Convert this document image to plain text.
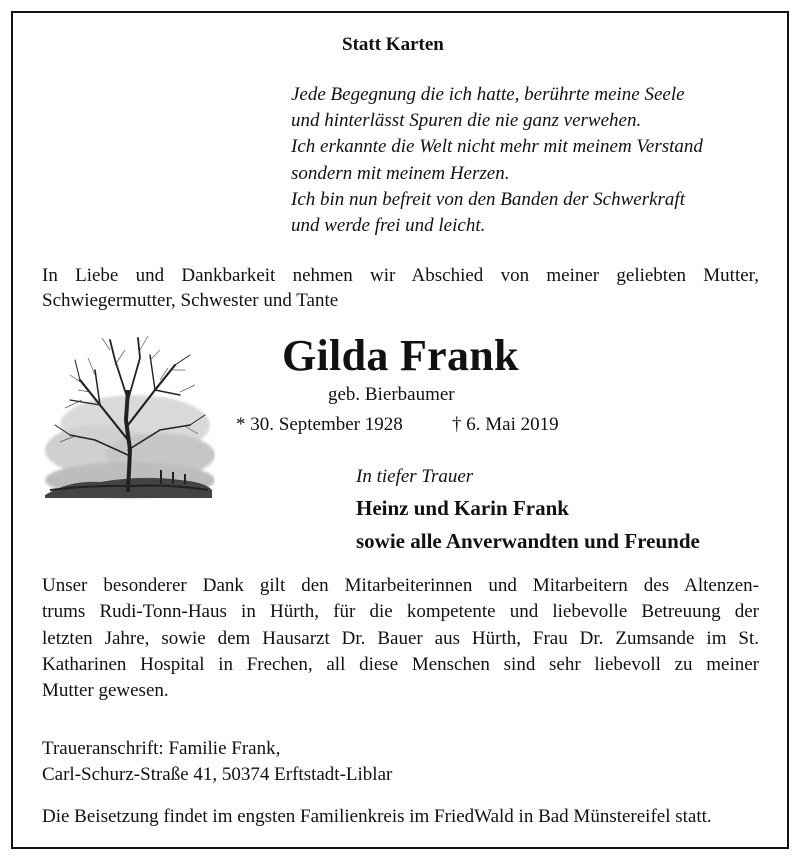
Statt Karten
Jede Begegnung die ich hatte, berührte meine Seele
und hinterlässt Spuren die nie ganz verwehen.
Ich erkannte die Welt nicht mehr mit meinem Verstand
sondern mit meinem Herzen.
Ich bin nun befreit von den Banden der Schwerkraft
und werde frei und leicht.
In Liebe und Dankbarkeit nehmen wir Abschied von meiner geliebten Mutter,
Schwiegermutter, Schwester und Tante
Gilda Frank
geb. Bierbaumer
* 30. September 1928	† 6. Mai 2019
In tiefer Trauer
Heinz und Karin Frank
sowie alle Anverwandten und Freunde
Unser besonderer Dank gilt den Mitarbeiterinnen und Mitarbeitern des Altenzen-
trums Rudi-Tonn-Haus in Hürth, für die kompetente und liebevolle Betreuung der
letzten Jahre, sowie dem Hausarzt Dr. Bauer aus Hürth, Frau Dr. Zumsande im St.
Katharinen Hospital in Frechen, all diese Menschen sind sehr liebevoll zu meiner
Mutter gewesen.
Traueranschrift: Familie Frank,
Carl-Schurz-Straße 41, 50374 Erftstadt-Liblar
Die Beisetzung findet im engsten Familienkreis im FriedWald in Bad Münstereifel statt.
